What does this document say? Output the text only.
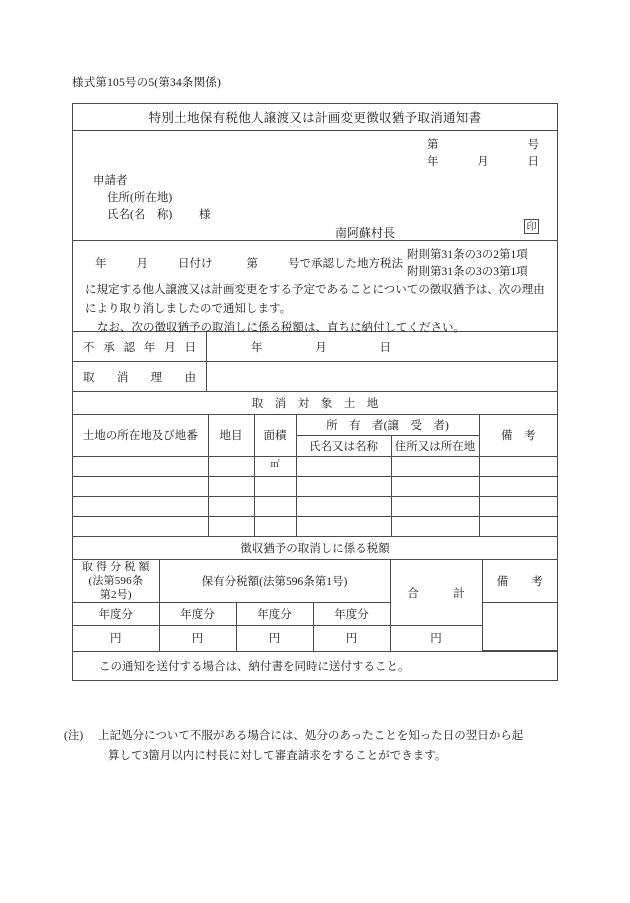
様式第105号の5(第34条関係)
特別土地保有税他人譲渡又は計画変更徴収猶予取消通知書
第	号
年	月	日
申請者
住所(所在地)
氏名(名　称)	様
南阿蘇村長	印
年	月	日付け	第	号で承認した地方税法
附則第31条の3の2第1項
附則第31条の3の3第1項
に規定する他人譲渡又は計画変更をする予定であることについての徴収猶予は、次の理由
により取り消しましたので通知します。
なお、次の徴収猶予の取消しに係る税額は、直ちに納付してください。
不 承 認 年 月 日	年	月	日
取 消 理 由
取　消　対　象　土　地
土地の所在地及び地番	地目	面積	所　有　者(譲　受　者)		備　考
			氏名又は名称	住所又は所在地	
		㎡			

徴収猶予の取消しに係る税額
取 得 分 税 額
(法第596条
第2号)	保有分税額(法第596条第1号)			合　　　計	備　　考
年度分	年度分	年度分	年度分		
円	円	円	円	円	
この通知を送付する場合は、納付書を同時に送付すること。
(注) 上記処分について不服がある場合には、処分のあったことを知った日の翌日から起
算して3箇月以内に村長に対して審査請求をすることができます。
